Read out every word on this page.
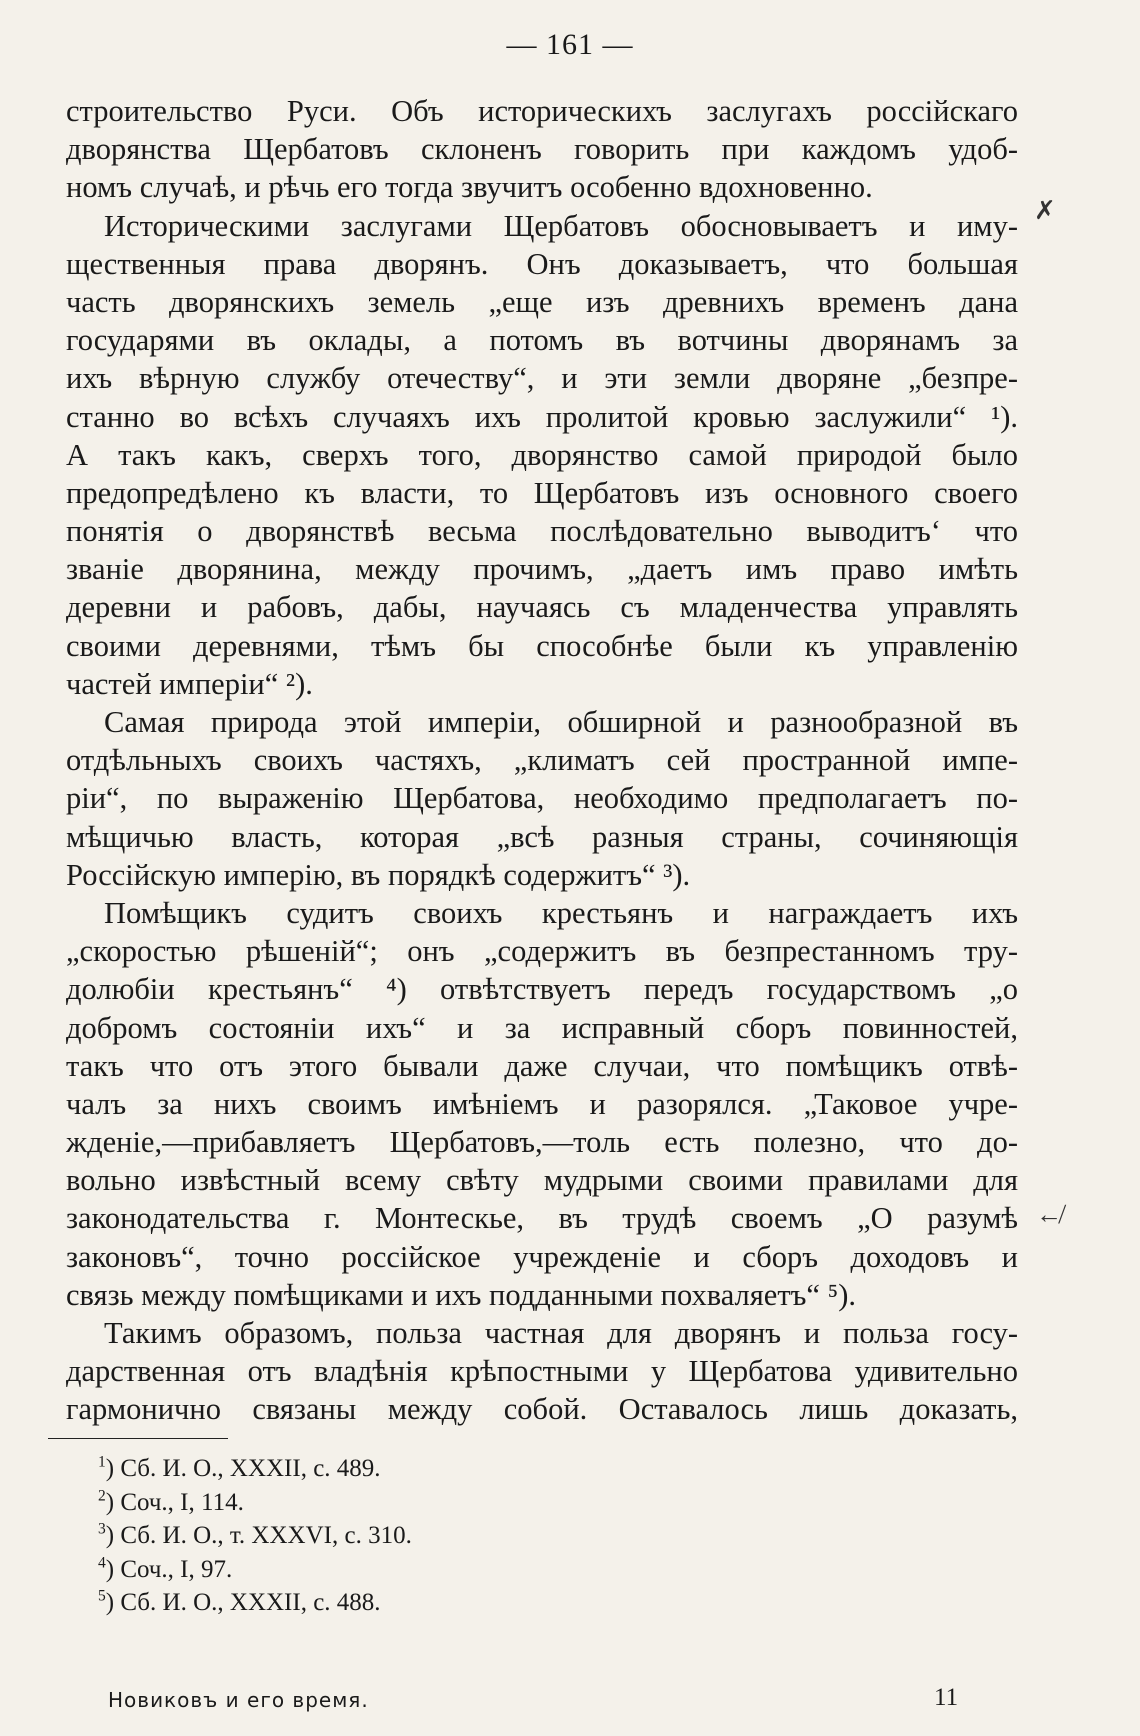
— 161 —
строительство Руси. Объ историческихъ заслугахъ россійскаго
дворянства Щербатовъ склоненъ говорить при каждомъ удоб-
номъ случаѣ, и рѣчь его тогда звучитъ особенно вдохновенно.
Историческими заслугами Щербатовъ обосновываетъ и иму-
щественныя права дворянъ. Онъ доказываетъ, что большая
часть дворянскихъ земель „еще изъ древнихъ временъ дана
государями въ оклады, а потомъ въ вотчины дворянамъ за
ихъ вѣрную службу отечеству“, и эти земли дворяне „безпре-
станно во всѣхъ случаяхъ ихъ пролитой кровью заслужили“ ¹).
А такъ какъ, сверхъ того, дворянство самой природой было
предопредѣлено къ власти, то Щербатовъ изъ основного своего
понятія о дворянствѣ весьма послѣдовательно выводитъ‘ что
званіе дворянина, между прочимъ, „даетъ имъ право имѣть
деревни и рабовъ, дабы, научаясь съ младенчества управлять
своими деревнями, тѣмъ бы способнѣе были къ управленію
частей имперіи“ ²).
Самая природа этой имперіи, обширной и разнообразной въ
отдѣльныхъ своихъ частяхъ, „климатъ сей пространной импе-
ріи“, по выраженію Щербатова, необходимо предполагаетъ по-
мѣщичью власть, которая „всѣ разныя страны, сочиняющія
Россійскую имперію, въ порядкѣ содержитъ“ ³).
Помѣщикъ судитъ своихъ крестьянъ и награждаетъ ихъ
„скоростью рѣшеній“; онъ „содержитъ въ безпрестанномъ тру-
долюбіи крестьянъ“ ⁴) отвѣтствуетъ передъ государствомъ „о
добромъ состояніи ихъ“ и за исправный сборъ повинностей,
такъ что отъ этого бывали даже случаи, что помѣщикъ отвѣ-
чалъ за нихъ своимъ имѣніемъ и разорялся. „Таковое учре-
жденіе,—прибавляетъ Щербатовъ,—толь есть полезно, что до-
вольно извѣстный всему свѣту мудрыми своими правилами для
законодательства г. Монтескье, въ трудѣ своемъ „О разумѣ
законовъ“, точно россійское учрежденіе и сборъ доходовъ и
связь между помѣщиками и ихъ подданными похваляетъ“ ⁵).
Такимъ образомъ, польза частная для дворянъ и польза госу-
дарственная отъ владѣнія крѣпостными у Щербатова удивительно
гармонично связаны между собой. Оставалось лишь доказать,
✗
↚
$^1$) Сб. И. О., XXXII, с. 489.
$^2$) Соч., I, 114.
$^3$) Сб. И. О., т. XXXVI, с. 310.
$^4$) Соч., I, 97.
$^5$) Сб. И. О., XXXII, с. 488.
Новиковъ и его время.	11
